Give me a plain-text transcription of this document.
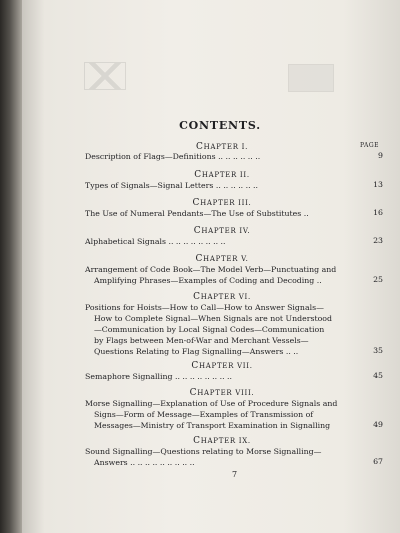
CONTENTS.
PAGE
CHAPTER I.
Description of Flags—Definitions .. .. .. .. .. ..	9
CHAPTER II.
Types of Signals—Signal Letters .. .. .. .. .. ..	13
CHAPTER III.
The Use of Numeral Pendants—The Use of Substitutes ..	16
CHAPTER IV.
Alphabetical Signals .. .. .. .. .. .. .. ..	23
CHAPTER V.
Arrangement of Code Book—The Model Verb—Punctuating and
Amplifying Phrases—Examples of Coding and Decoding ..	25
CHAPTER VI.
Positions for Hoists—How to Call—How to Answer Signals—
How to Complete Signal—When Signals are not Understood
—Communication by Local Signal Codes—Communication
by Flags between Men-of-War and Merchant Vessels—
Questions Relating to Flag Signalling—Answers .. ..	35
CHAPTER VII.
Semaphore Signalling .. .. .. .. .. .. .. ..	45
CHAPTER VIII.
Morse Signalling—Explanation of Use of Procedure Signals and
Signs—Form of Message—Examples of Transmission of
Messages—Ministry of Transport Examination in Signalling	49
CHAPTER IX.
Sound Signalling—Questions relating to Morse Signalling—
Answers .. .. .. .. .. .. .. .. ..	67
7
